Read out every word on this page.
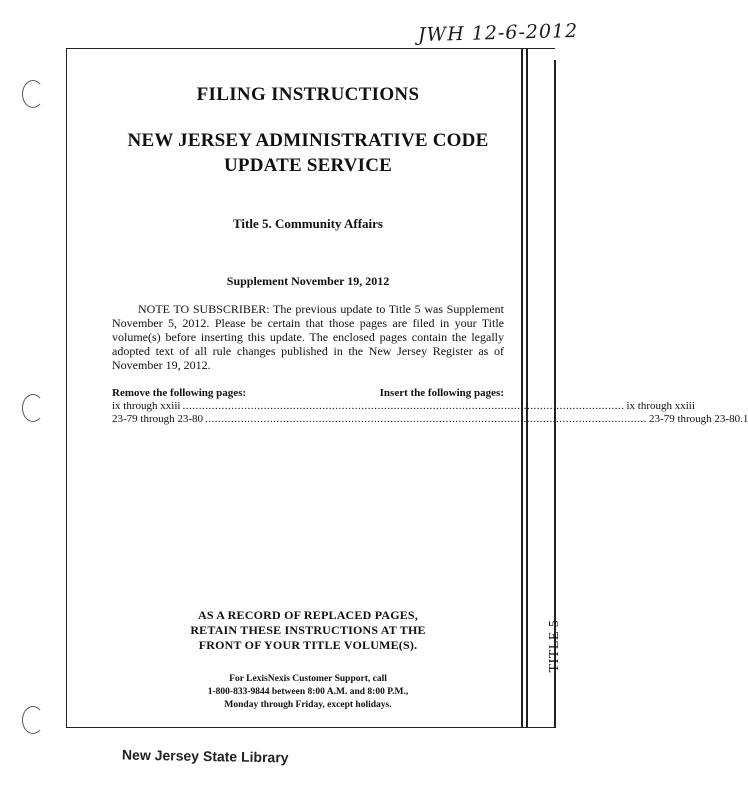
JWH 12-6-2012
TITLE 5

FILING INSTRUCTIONS

NEW JERSEY ADMINISTRATIVE CODE
UPDATE SERVICE

Title 5. Community Affairs

Supplement November 19, 2012

NOTE TO SUBSCRIBER: The previous update to Title 5 was Supplement November 5, 2012. Please be certain that those pages are filed in your Title volume(s) before inserting this update. The enclosed pages contain the legally adopted text of all rule changes published in the New Jersey Register as of November 19, 2012.

Remove the following pages:	Insert the following pages:
ix through xxiii ........................................................................................................................................ ix through xxiii
23-79 through 23-80 ........................................................................................................................................ 23-79 through 23-80.1

AS A RECORD OF REPLACED PAGES,
RETAIN THESE INSTRUCTIONS AT THE
FRONT OF YOUR TITLE VOLUME(S).

For LexisNexis Customer Support, call
1-800-833-9844 between 8:00 A.M. and 8:00 P.M.,
Monday through Friday, except holidays.

New Jersey State Library
